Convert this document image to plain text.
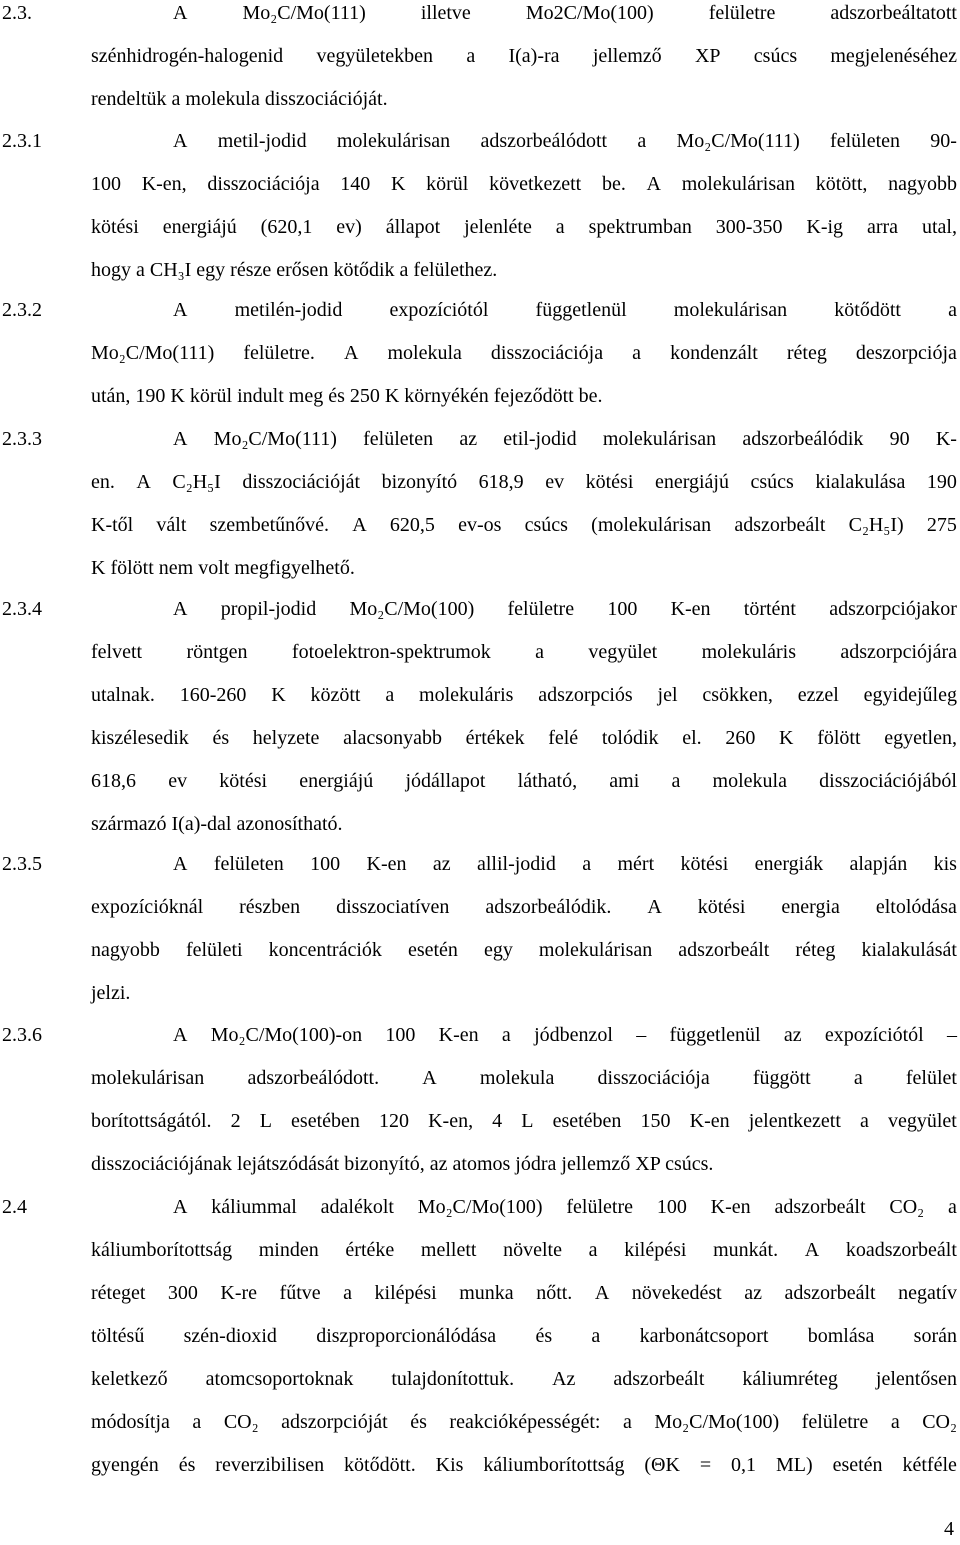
2.3.	A	Mo₂C/Mo(111)	illetve	Mo2C/Mo(100)	felületre	adszorbeáltatott
szénhidrogén-halogenid vegyületekben a I(a)-ra jellemző XP csúcs megjelenéséhez
rendeltük a molekula disszociációját.
2.3.1	A metil-jodid molekulárisan adszorbeálódott a Mo₂C/Mo(111) felületen 90-
100 K-en, disszociációja 140 K körül következett be. A molekulárisan kötött, nagyobb
kötési energiájú (620,1 ev) állapot jelenléte a spektrumban 300-350 K-ig arra utal,
hogy a CH₃I egy része erősen kötődik a felülethez.
2.3.2	A metilén-jodid expozíciótól függetlenül molekulárisan kötődött a
Mo₂C/Mo(111) felületre. A molekula disszociációja a kondenzált réteg deszorpciója
után, 190 K körül indult meg és 250 K környékén fejeződött be.
2.3.3	A Mo₂C/Mo(111) felületen az etil-jodid molekulárisan adszorbeálódik 90 K-
en. A C₂H₅I disszociációját bizonyító 618,9 ev kötési energiájú csúcs kialakulása 190
K-től vált szembetűnővé. A 620,5 ev-os csúcs (molekulárisan adszorbeált C₂H₅I) 275
K fölött nem volt megfigyelhető.
2.3.4	A propil-jodid Mo₂C/Mo(100) felületre 100 K-en történt adszorpciójakor
felvett röntgen fotoelektron-spektrumok a vegyület molekuláris adszorpciójára
utalnak. 160-260 K között a molekuláris adszorpciós jel csökken, ezzel egyidejűleg
kiszélesedik és helyzete alacsonyabb értékek felé tolódik el. 260 K fölött egyetlen,
618,6 ev kötési energiájú jódállapot látható, ami a molekula disszociációjából
származó I(a)-dal azonosítható.
2.3.5	A felületen 100 K-en az allil-jodid a mért kötési energiák alapján kis
expozícióknál részben disszociatíven adszorbeálódik. A kötési energia eltolódása
nagyobb felületi koncentrációk esetén egy molekulárisan adszorbeált réteg kialakulását
jelzi.
2.3.6	A Mo₂C/Mo(100)-on 100 K-en a jódbenzol – függetlenül az expozíciótól –
molekulárisan adszorbeálódott. A molekula disszociációja függött a felület
borítottságától. 2 L esetében 120 K-en, 4 L esetében 150 K-en jelentkezett a vegyület
disszociációjának lejátszódását bizonyító, az atomos jódra jellemző XP csúcs.
2.4	A káliummal adalékolt Mo₂C/Mo(100) felületre 100 K-en adszorbeált CO₂ a
káliumborítottság minden értéke mellett növelte a kilépési munkát. A koadszorbeált
réteget 300 K-re fűtve a kilépési munka nőtt. A növekedést az adszorbeált negatív
töltésű szén-dioxid diszproporcionálódása és a karbonátcsoport bomlása során
keletkező atomcsoportoknak tulajdonítottuk. Az adszorbeált káliumréteg jelentősen
módosítja a CO₂ adszorpcióját és reakcióképességét: a Mo₂C/Mo(100) felületre a CO₂
gyengén és reverzibilisen kötődött. Kis káliumborítottság (ΘK = 0,1 ML) esetén kétféle
4
